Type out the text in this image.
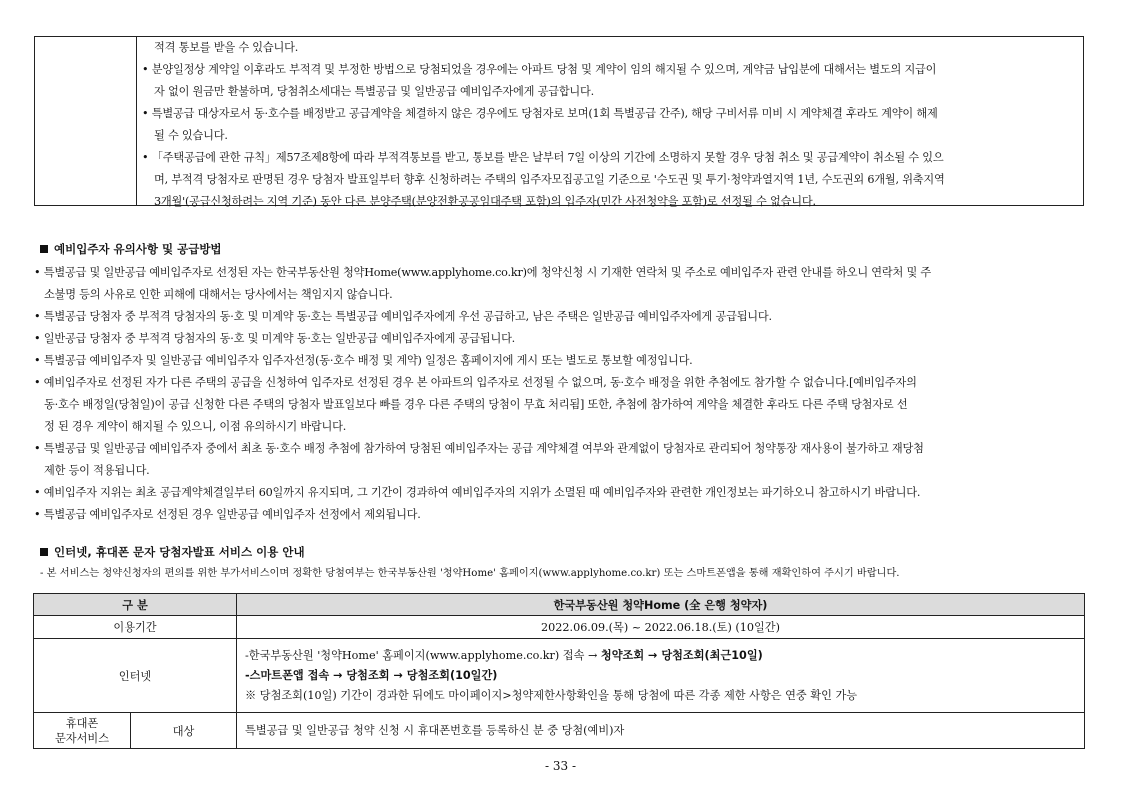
적격 통보를 받을 수 있습니다.
• 분양일정상 계약일 이후라도 부적격 및 부정한 방법으로 당첨되었을 경우에는 아파트 당첨 및 계약이 임의 해지될 수 있으며, 계약금 납입분에 대해서는 별도의 지급이
자 없이 원금만 환불하며, 당첨취소세대는 특별공급 및 일반공급 예비입주자에게 공급합니다.
• 특별공급 대상자로서 동·호수를 배정받고 공급계약을 체결하지 않은 경우에도 당첨자로 보며(1회 특별공급 간주), 해당 구비서류 미비 시 계약체결 후라도 계약이 해제
될 수 있습니다.
• 「주택공급에 관한 규칙」제57조제8항에 따라 부적격통보를 받고, 통보를 받은 날부터 7일 이상의 기간에 소명하지 못할 경우 당첨 취소 및 공급계약이 취소될 수 있으
며, 부적격 당첨자로 판명된 경우 당첨자 발표일부터 향후 신청하려는 주택의 입주자모집공고일 기준으로 '수도권 및 투기·청약과열지역 1년, 수도권외 6개월, 위축지역
3개월'(공급신청하려는 지역 기준) 동안 다른 분양주택(분양전환공공임대주택 포함)의 입주자(민간 사전청약을 포함)로 선정될 수 없습니다.
예비입주자 유의사항 및 공급방법
• 특별공급 및 일반공급 예비입주자로 선정된 자는 한국부동산원 청약Home(www.applyhome.co.kr)에 청약신청 시 기재한 연락처 및 주소로 예비입주자 관련 안내를 하오니 연락처 및 주
소불명 등의 사유로 인한 피해에 대해서는 당사에서는 책임지지 않습니다.
• 특별공급 당첨자 중 부적격 당첨자의 동·호 및 미계약 동·호는 특별공급 예비입주자에게 우선 공급하고, 남은 주택은 일반공급 예비입주자에게 공급됩니다.
• 일반공급 당첨자 중 부적격 당첨자의 동·호 및 미계약 동·호는 일반공급 예비입주자에게 공급됩니다.
• 특별공급 예비입주자 및 일반공급 예비입주자 입주자선정(동·호수 배정 및 계약) 일정은 홈페이지에 게시 또는 별도로 통보할 예정입니다.
• 예비입주자로 선정된 자가 다른 주택의 공급을 신청하여 입주자로 선정된 경우 본 아파트의 입주자로 선정될 수 없으며, 동·호수 배정을 위한 추첨에도 참가할 수 없습니다.[예비입주자의
동·호수 배정일(당첨일)이 공급 신청한 다른 주택의 당첨자 발표일보다 빠를 경우 다른 주택의 당첨이 무효 처리됨] 또한, 추첨에 참가하여 계약을 체결한 후라도 다른 주택 당첨자로 선
정 된 경우 계약이 해지될 수 있으니, 이점 유의하시기 바랍니다.
• 특별공급 및 일반공급 예비입주자 중에서 최초 동·호수 배정 추첨에 참가하여 당첨된 예비입주자는 공급 계약체결 여부와 관계없이 당첨자로 관리되어 청약통장 재사용이 불가하고 재당첨
제한 등이 적용됩니다.
• 예비입주자 지위는 최초 공급계약체결일부터 60일까지 유지되며, 그 기간이 경과하여 예비입주자의 지위가 소멸된 때 예비입주자와 관련한 개인정보는 파기하오니 참고하시기 바랍니다.
• 특별공급 예비입주자로 선정된 경우 일반공급 예비입주자 선정에서 제외됩니다.
인터넷, 휴대폰 문자 당첨자발표 서비스 이용 안내
- 본 서비스는 청약신청자의 편의를 위한 부가서비스이며 정확한 당첨여부는 한국부동산원 '청약Home' 홈페이지(www.applyhome.co.kr) 또는 스마트폰앱을 통해 재확인하여 주시기 바랍니다.
구 분		한국부동산원 청약Home (全 은행 청약자)
이용기간		2022.06.09.(목) ~ 2022.06.18.(토) (10일간)
인터넷		-한국부동산원 '청약Home' 홈페이지(www.applyhome.co.kr) 접속 → 청약조회 → 당첨조회(최근10일)
-스마트폰앱 접속 → 당첨조회 → 당첨조회(10일간)
※ 당첨조회(10일) 기간이 경과한 뒤에도 마이페이지>청약제한사항확인을 통해 당첨에 따른 각종 제한 사항은 연중 확인 가능

휴대폰
문자서비스	대상	특별공급 및 일반공급 청약 신청 시 휴대폰번호를 등록하신 분 중 당첨(예비)자
- 33 -
